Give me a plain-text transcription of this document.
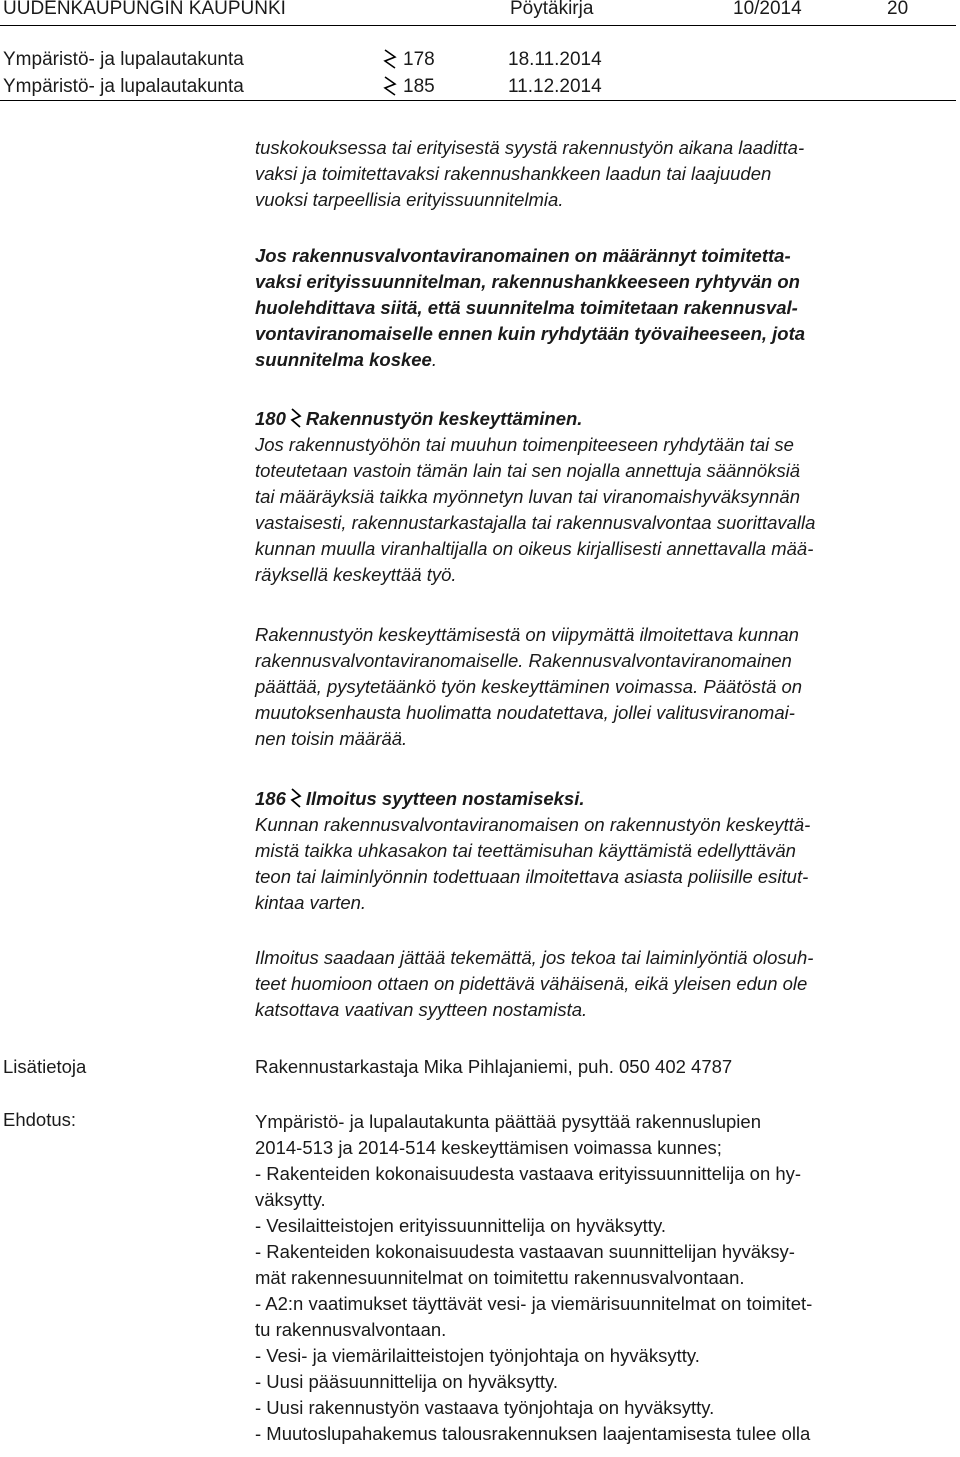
UUDENKAUPUNGIN KAUPUNKI	Pöytäkirja	10/2014	20
Ympäristö- ja lupalautakunta	178	18.11.2014
Ympäristö- ja lupalautakunta	185	11.12.2014
tuskokouksessa tai erityisestä syystä rakennustyön aikana laaditta-
vaksi ja toimitettavaksi rakennushankkeen laadun tai laajuuden
vuoksi tarpeellisia erityissuunnitelmia.
Jos rakennusvalvontaviranomainen on määrännyt toimitetta-
vaksi erityissuunnitelman, rakennushankkeeseen ryhtyvän on
huolehdittava siitä, että suunnitelma toimitetaan rakennusval-
vontaviranomaiselle ennen kuin ryhdytään työvaiheeseen, jota
suunnitelma koskee.
180 Rakennustyön keskeyttäminen.
Jos rakennustyöhön tai muuhun toimenpiteeseen ryhdytään tai se
toteutetaan vastoin tämän lain tai sen nojalla annettuja säännöksiä
tai määräyksiä taikka myönnetyn luvan tai viranomaishyväksynnän
vastaisesti, rakennustarkastajalla tai rakennusvalvontaa suorittavalla
kunnan muulla viranhaltijalla on oikeus kirjallisesti annettavalla mää-
räyksellä keskeyttää työ.
Rakennustyön keskeyttämisestä on viipymättä ilmoitettava kunnan
rakennusvalvontaviranomaiselle. Rakennusvalvontaviranomainen
päättää, pysytetäänkö työn keskeyttäminen voimassa. Päätöstä on
muutoksenhausta huolimatta noudatettava, jollei valitusviranomai-
nen toisin määrää.
186 Ilmoitus syytteen nostamiseksi.
Kunnan rakennusvalvontaviranomaisen on rakennustyön keskeyttä-
mistä taikka uhkasakon tai teettämisuhan käyttämistä edellyttävän
teon tai laiminlyönnin todettuaan ilmoitettava asiasta poliisille esitut-
kintaa varten.
Ilmoitus saadaan jättää tekemättä, jos tekoa tai laiminlyöntiä olosuh-
teet huomioon ottaen on pidettävä vähäisenä, eikä yleisen edun ole
katsottava vaativan syytteen nostamista.
Lisätietoja	Rakennustarkastaja Mika Pihlajaniemi, puh. 050 402 4787
Ehdotus:	Ympäristö- ja lupalautakunta päättää pysyttää rakennuslupien
2014-513 ja 2014-514 keskeyttämisen voimassa kunnes;
- Rakenteiden kokonaisuudesta vastaava erityissuunnittelija on hy-
väksytty.
- Vesilaitteistojen erityissuunnittelija on hyväksytty.
- Rakenteiden kokonaisuudesta vastaavan suunnittelijan hyväksy-
mät rakennesuunnitelmat on toimitettu rakennusvalvontaan.
- A2:n vaatimukset täyttävät vesi- ja viemärisuunnitelmat on toimitet-
tu rakennusvalvontaan.
- Vesi- ja viemärilaitteistojen työnjohtaja on hyväksytty.
- Uusi pääsuunnittelija on hyväksytty.
- Uusi rakennustyön vastaava työnjohtaja on hyväksytty.
- Muutoslupahakemus talousrakennuksen laajentamisesta tulee olla
